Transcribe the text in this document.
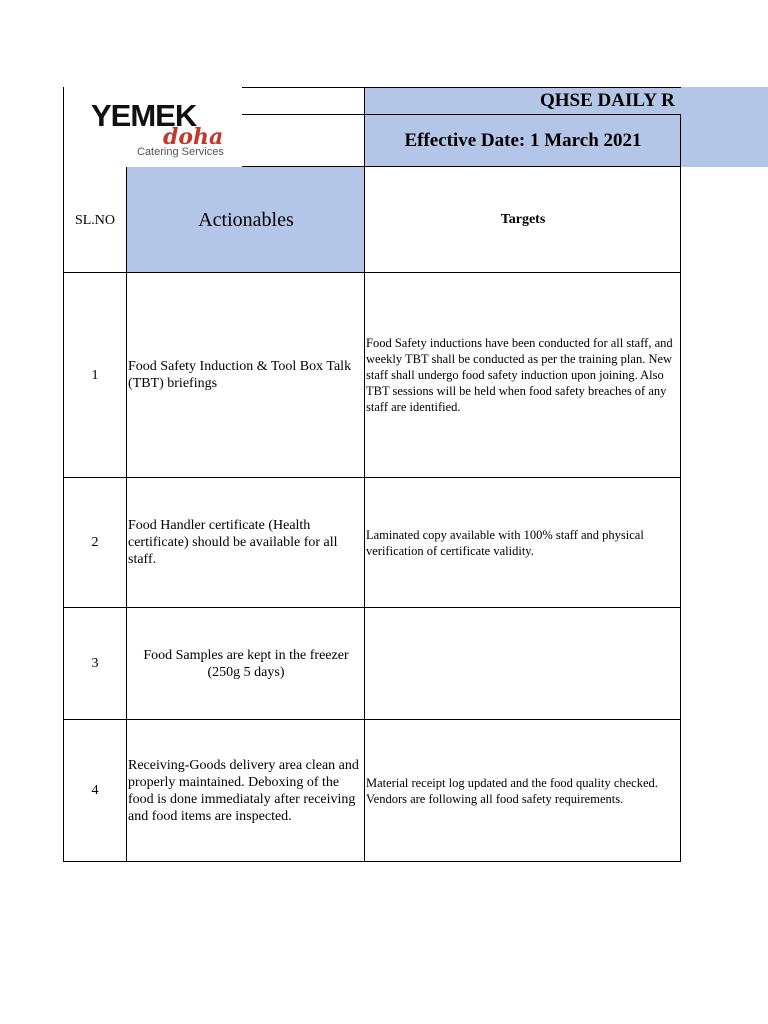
YEMEK
doha
Catering Services
QHSE DAILY R
Effective Date: 1 March 2021
SL.NO	Actionables	Targets
1
Food Safety Induction & Tool Box Talk (TBT) briefings
Food Safety inductions have been conducted for all staff, and weekly TBT shall be conducted as per the training plan. New staff shall undergo food safety induction upon joining. Also TBT sessions will be held when food safety breaches of any staff are identified.
2
Food Handler certificate (Health certificate) should be available for all staff.
Laminated copy available with 100% staff and physical verification of certificate validity.
3
Food Samples are kept in the freezer (250g 5 days)
4
Receiving-Goods delivery area clean and properly maintained. Deboxing of the food is done immediataly after receiving and food items are inspected.
Material receipt log updated and the food quality checked. Vendors are following all food safety requirements.
